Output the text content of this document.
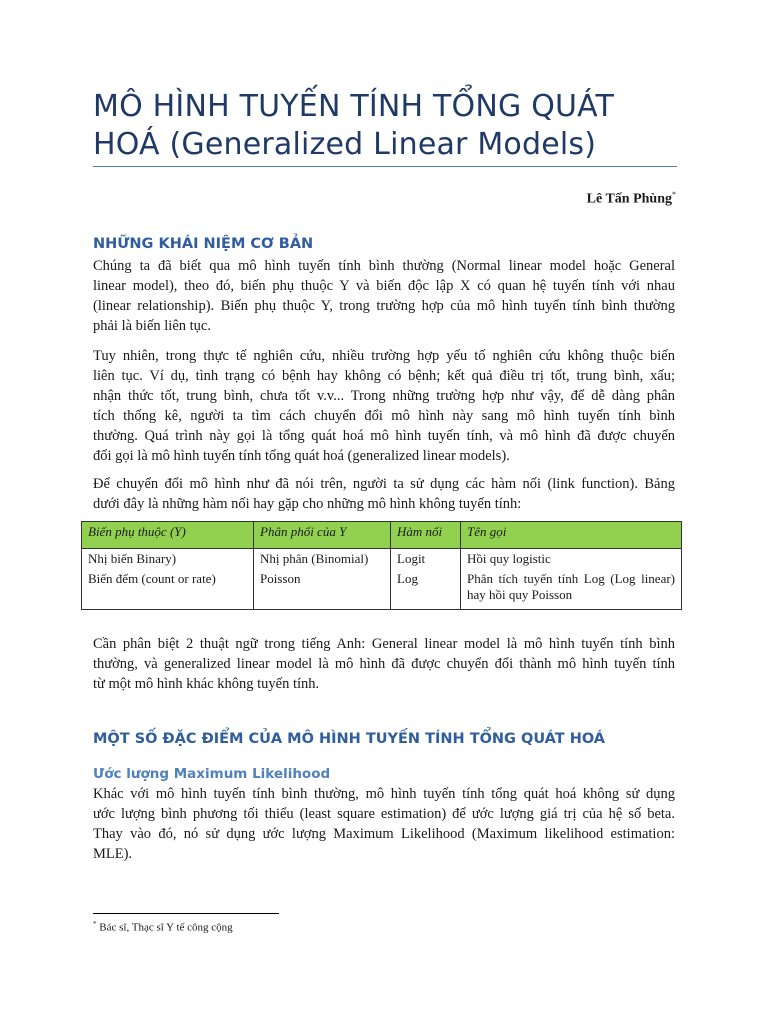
MÔ HÌNH TUYẾN TÍNH TỔNG QUÁT
HOÁ (Generalized Linear Models)
Lê Tấn Phùng*
NHỮNG KHÁI NIỆM CƠ BẢN
Chúng ta đã biết qua mô hình tuyến tính bình thường (Normal linear model hoặc General
linear model), theo đó, biến phụ thuộc Y và biến độc lập X có quan hệ tuyến tính với nhau
(linear relationship). Biến phụ thuộc Y, trong trường hợp của mô hình tuyến tính bình thường
phải là biến liên tục.
Tuy nhiên, trong thực tế nghiên cứu, nhiều trường hợp yếu tố nghiên cứu không thuộc biến
liên tục. Ví dụ, tình trạng có bệnh hay không có bệnh; kết quả điều trị tốt, trung bình, xấu;
nhận thức tốt, trung bình, chưa tốt v.v... Trong những trường hợp như vậy, để dễ dàng phân
tích thống kê, người ta tìm cách chuyển đổi mô hình này sang mô hình tuyến tính bình
thường. Quá trình này gọi là tổng quát hoá mô hình tuyến tính, và mô hình đã được chuyển
đổi gọi là mô hình tuyến tính tổng quát hoá (generalized linear models).
Để chuyển đổi mô hình như đã nói trên, người ta sử dụng các hàm nối (link function). Bảng
dưới đây là những hàm nối hay gặp cho những mô hình không tuyến tính:
Biến phụ thuộc (Y)	Phân phối của Y	Hàm nối	Tên gọi
Nhị biến Binary)	Nhị phân (Binomial)	Logit	Hồi quy logistic
Biến đếm (count or rate)	Poisson	Log	Phân tích tuyến tính Log (Log linear) hay hồi quy Poisson
Cần phân biệt 2 thuật ngữ trong tiếng Anh: General linear model là mô hình tuyến tính bình
thường, và generalized linear model là mô hình đã được chuyển đổi thành mô hình tuyến tính
từ một mô hình khác không tuyến tính.
MỘT SỐ ĐẶC ĐIỂM CỦA MÔ HÌNH TUYẾN TÍNH TỔNG QUÁT HOÁ
Ước lượng Maximum Likelihood
Khác với mô hình tuyến tính bình thường, mô hình tuyến tính tổng quát hoá không sử dụng
ước lượng bình phương tối thiểu (least square estimation) để ước lượng giá trị của hệ số beta.
Thay vào đó, nó sử dụng ước lượng Maximum Likelihood (Maximum likelihood estimation:
MLE).
* Bác sĩ, Thạc sĩ Y tế công cộng
